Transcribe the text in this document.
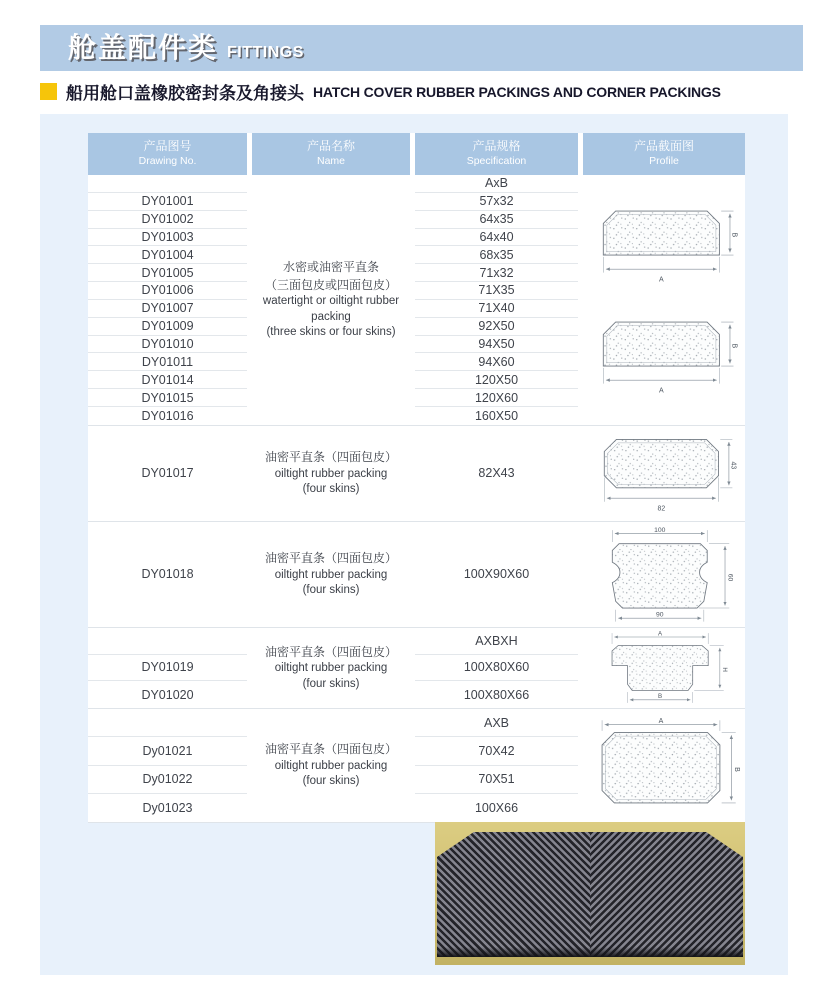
舱盖配件类 FITTINGS
船用舱口盖橡胶密封条及角接头 HATCH COVER RUBBER PACKINGS AND CORNER PACKINGS
产品图号
Drawing No.
产品名称
Name
产品规格
Specification
产品截面图
Profile
DY01001
DY01002
DY01003
DY01004
DY01005
DY01006
DY01007
DY01009
DY01010
DY01011
DY01014
DY01015
DY01016
水密或油密平直条
（三面包皮或四面包皮）
watertight or oiltight rubber
packing
(three skins or four skins)
AxB
57x32
64x35
64x40
68x35
71x32
71X35
71X40
92X50
94X50
94X60
120X50
120X60
160X50
A
B
A
B
DY01017
油密平直条（四面包皮）
oiltight rubber packing
(four skins)
82X43
82
43
DY01018
油密平直条（四面包皮）
oiltight rubber packing
(four skins)
100X90X60
100
60
90
DY01019
DY01020
油密平直条（四面包皮）
oiltight rubber packing
(four skins)
AXBXH
100X80X60
100X80X66
A
H
B
Dy01021
Dy01022
Dy01023
油密平直条（四面包皮）
oiltight rubber packing
(four skins)
AXB
70X42
70X51
100X66
A
B
